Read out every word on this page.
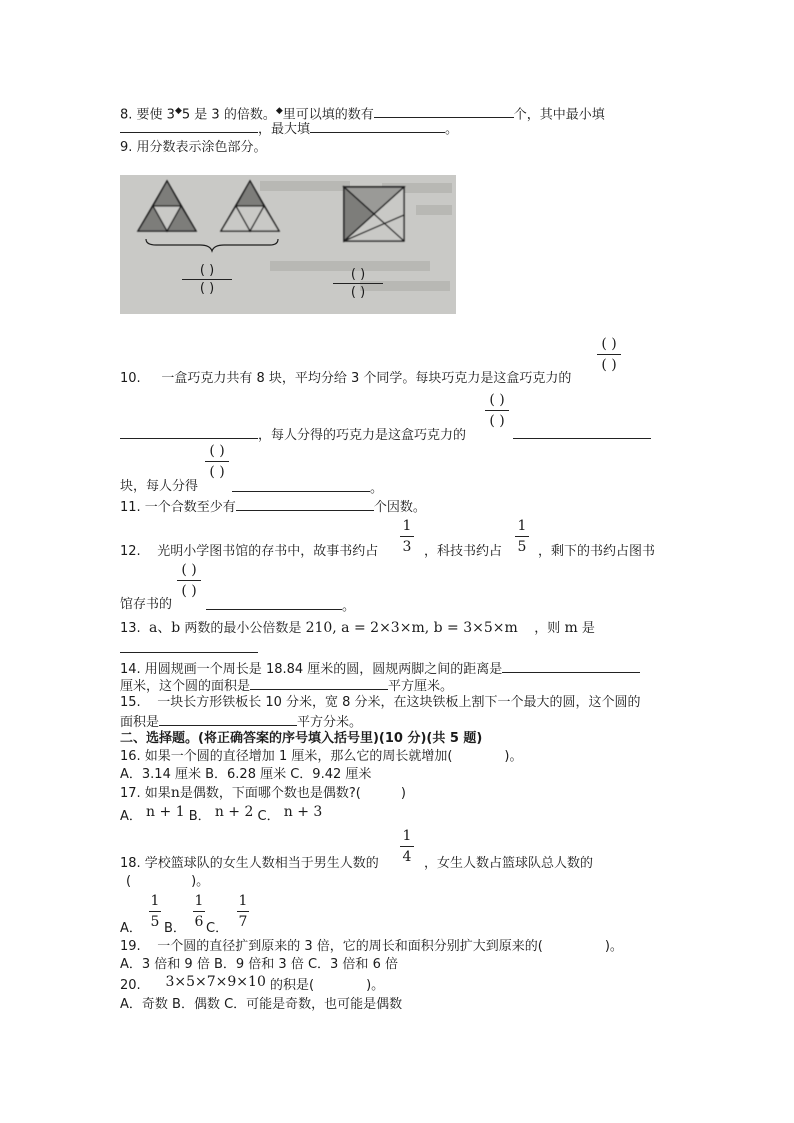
8. 要使 3◆5 是 3 的倍数。◆里可以填的数有	个，其中最小填
，最大填	。
9. 用分数表示涂色部分。
( )
( )
( )
( )
( )
( )
10. 一盒巧克力共有 8 块，平均分给 3 个同学。每块巧克力是这盒巧克力的
( )
( )
，每人分得的巧克力是这盒巧克力的
( )
( )
块，每人分得	。
11. 一个合数至少有	个因数。
1
3
1
5
12. 光明小学图书馆的存书中，故事书约占	，科技书约占	，剩下的书约占图书
( )
( )
馆存书的	。
13. a、b 两数的最小公倍数是 210, a = 2×3×m, b = 3×5×m ，则 m 是
14. 用圆规画一个周长是 18.84 厘米的圆，圆规两脚之间的距离是
厘米，这个圆的面积是	平方厘米。
15. 一块长方形铁板长 10 分米，宽 8 分米，在这块铁板上割下一个最大的圆，这个圆的
面积是	平方分米。
二、选择题。(将正确答案的序号填入括号里)(10 分)(共 5 题)
16. 如果一个圆的直径增加 1 厘米，那么它的周长就增加(	)。
A．3.14 厘米 B．6.28 厘米 C．9.42 厘米
17. 如果n是偶数，下面哪个数也是偶数?(	)
A． n + 1 B． n + 2 C． n + 3
1
4
18. 学校篮球队的女生人数相当于男生人数的	，女生人数占篮球队总人数的
(	)。
1
5
1
6
1
7
A． B． C．
19. 一个圆的直径扩到原来的 3 倍，它的周长和面积分别扩大到原来的(	)。
A．3 倍和 9 倍 B．9 倍和 3 倍 C．3 倍和 6 倍
20. 3×5×7×9×10 的积是(	)。
A．奇数 B．偶数 C．可能是奇数，也可能是偶数
